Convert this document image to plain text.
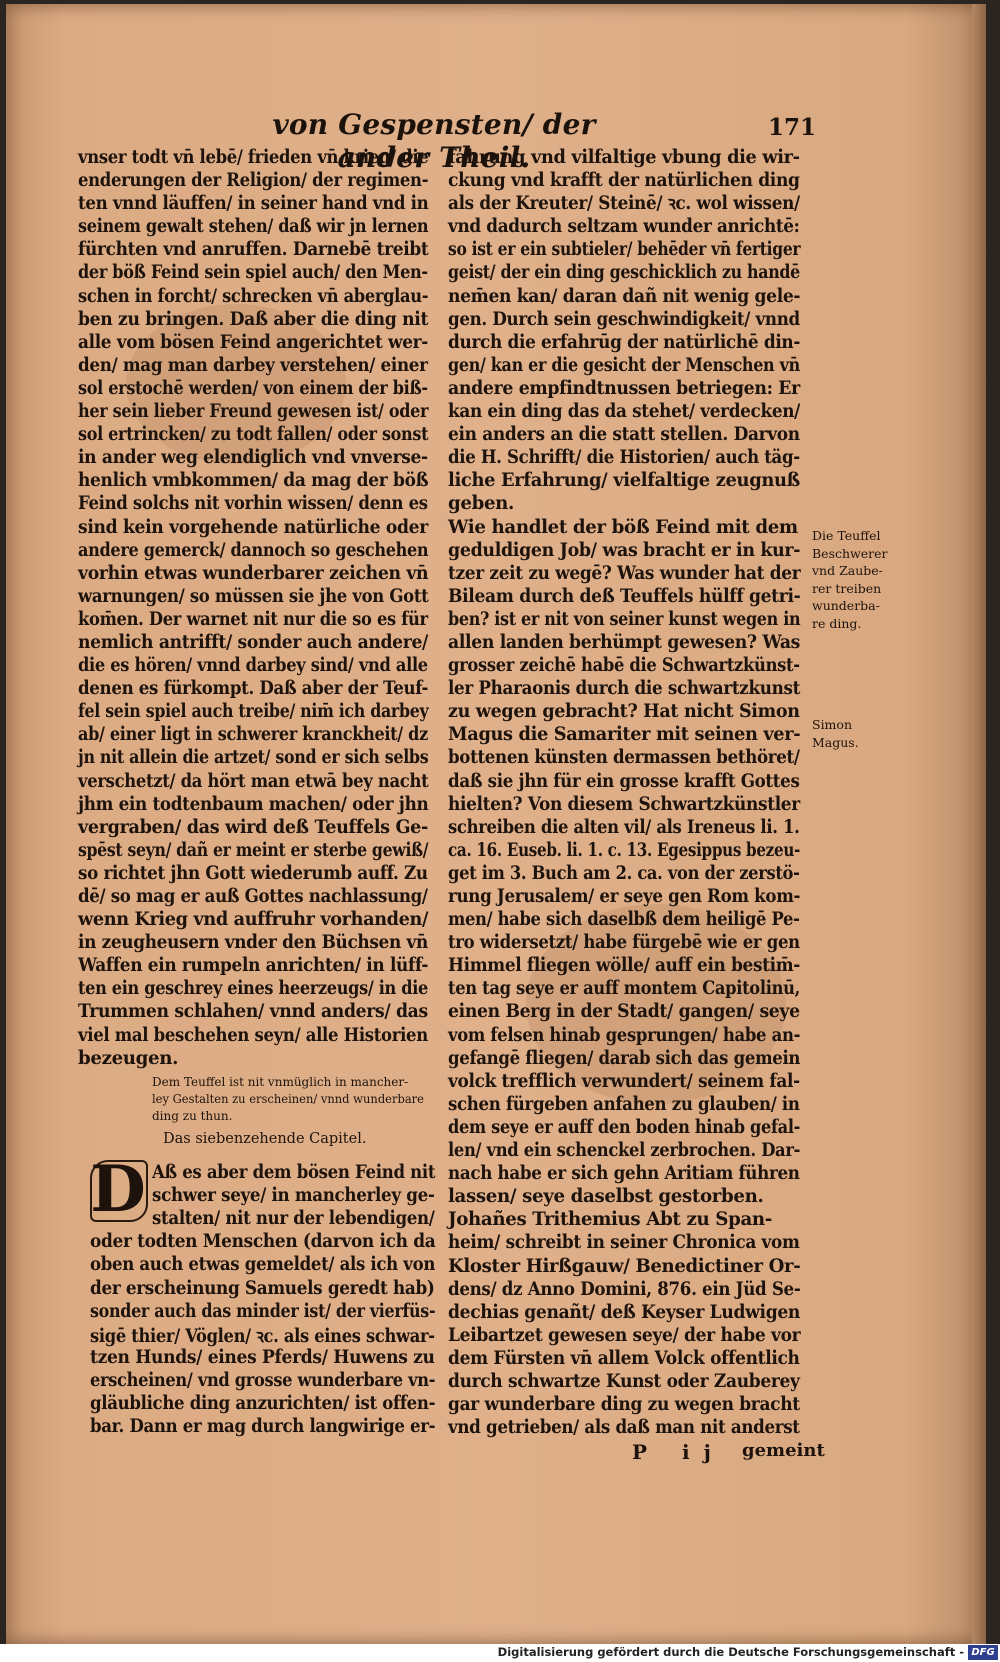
von Gespensten/ der ander Theil.
171
vnser todt vn̄ lebē/ frieden vn̄ krieg/ die
enderungen der Religion/ der regimen-
ten vnnd läuffen/ in seiner hand vnd in
seinem gewalt stehen/ daß wir jn lernen
fürchten vnd anruffen. Darnebē treibt
der böß Feind sein spiel auch/ den Men-
schen in forcht/ schrecken vn̄ aberglau-
ben zu bringen. Daß aber die ding nit
alle vom bösen Feind angerichtet wer-
den/ mag man darbey verstehen/ einer
sol erstochē werden/ von einem der biß-
her sein lieber Freund gewesen ist/ oder
sol ertrincken/ zu todt fallen/ oder sonst
in ander weg elendiglich vnd vnverse-
henlich vmbkommen/ da mag der böß
Feind solchs nit vorhin wissen/ denn es
sind kein vorgehende natürliche oder
andere gemerck/ dannoch so geschehen
vorhin etwas wunderbarer zeichen vn̄
warnungen/ so müssen sie jhe von Gott
kom̄en. Der warnet nit nur die so es für
nemlich antrifft/ sonder auch andere/
die es hören/ vnnd darbey sind/ vnd alle
denen es fürkompt. Daß aber der Teuf-
fel sein spiel auch treibe/ nim̄ ich darbey
ab/ einer ligt in schwerer kranckheit/ dz
jn nit allein die artzet/ sond er sich selbs
verschetzt/ da hört man etwā bey nacht
jhm ein todtenbaum machen/ oder jhn
vergraben/ das wird deß Teuffels Ge-
spēst seyn/ dañ er meint er sterbe gewiß/
so richtet jhn Gott wiederumb auff. Zu
dē/ so mag er auß Gottes nachlassung/
wenn Krieg vnd auffruhr vorhanden/
in zeugheusern vnder den Büchsen vn̄
Waffen ein rumpeln anrichten/ in lüff-
ten ein geschrey eines heerzeugs/ in die
Trummen schlahen/ vnnd anders/ das
viel mal beschehen seyn/ alle Historien
bezeugen.
Dem Teuffel ist nit vnmüglich in mancher-
ley Gestalten zu erscheinen/ vnnd wunderbare
ding zu thun.
Das siebenzehende Capitel.
D Aß es aber dem bösen Feind nit
schwer seye/ in mancherley ge-
stalten/ nit nur der lebendigen/
oder todten Menschen (darvon ich da
oben auch etwas gemeldet/ als ich von
der erscheinung Samuels geredt hab)
sonder auch das minder ist/ der vierfüs-
sigē thier/ Vöglen/ ꝛc. als eines schwar-
tzen Hunds/ eines Pferds/ Huwens zu
erscheinen/ vnd grosse wunderbare vn-
gläubliche ding anzurichten/ ist offen-
bar. Dann er mag durch langwirige er-
fahrung vnd vilfaltige vbung die wir-
ckung vnd krafft der natürlichen ding
als der Kreuter/ Steinē/ ꝛc. wol wissen/
vnd dadurch seltzam wunder anrichtē:
so ist er ein subtieler/ behēder vn̄ fertiger
geist/ der ein ding geschicklich zu handē
nem̄en kan/ daran dañ nit wenig gele-
gen. Durch sein geschwindigkeit/ vnnd
durch die erfahrūg der natürlichē din-
gen/ kan er die gesicht der Menschen vn̄
andere empfindtnussen betriegen: Er
kan ein ding das da stehet/ verdecken/
ein anders an die statt stellen. Darvon
die H. Schrifft/ die Historien/ auch täg-
liche Erfahrung/ vielfaltige zeugnuß
geben.
Wie handlet der böß Feind mit dem
geduldigen Job/ was bracht er in kur-
tzer zeit zu wegē? Was wunder hat der
Bileam durch deß Teuffels hülff getri-
ben? ist er nit von seiner kunst wegen in
allen landen berhümpt gewesen? Was
grosser zeichē habē die Schwartzkünst-
ler Pharaonis durch die schwartzkunst
zu wegen gebracht? Hat nicht Simon
Magus die Samariter mit seinen ver-
bottenen künsten dermassen bethöret/
daß sie jhn für ein grosse krafft Gottes
hielten? Von diesem Schwartzkünstler
schreiben die alten vil/ als Ireneus li. 1.
ca. 16. Euseb. li. 1. c. 13. Egesippus bezeu-
get im 3. Buch am 2. ca. von der zerstö-
rung Jerusalem/ er seye gen Rom kom-
men/ habe sich daselbß dem heiligē Pe-
tro widersetzt/ habe fürgebē wie er gen
Himmel fliegen wölle/ auff ein bestim̄-
ten tag seye er auff montem Capitolinū,
einen Berg in der Stadt/ gangen/ seye
vom felsen hinab gesprungen/ habe an-
gefangē fliegen/ darab sich das gemein
volck trefflich verwundert/ seinem fal-
schen fürgeben anfahen zu glauben/ in
dem seye er auff den boden hinab gefal-
len/ vnd ein schenckel zerbrochen. Dar-
nach habe er sich gehn Aritiam führen
lassen/ seye daselbst gestorben.
Johañes Trithemius Abt zu Span-
heim/ schreibt in seiner Chronica vom
Kloster Hirßgauw/ Benedictiner Or-
dens/ dz Anno Domini, 876. ein Jüd Se-
dechias genañt/ deß Keyser Ludwigen
Leibartzet gewesen seye/ der habe vor
dem Fürsten vn̄ allem Volck offentlich
durch schwartze Kunst oder Zauberey
gar wunderbare ding zu wegen bracht
vnd getrieben/ als daß man nit anderst
Die Teuffel
Beschwerer
vnd Zaube-
rer treiben
wunderba-
re ding.
Simon
Magus.
P ij gemeint
Digitalisierung gefördert durch die Deutsche Forschungsgemeinschaft - DFG
